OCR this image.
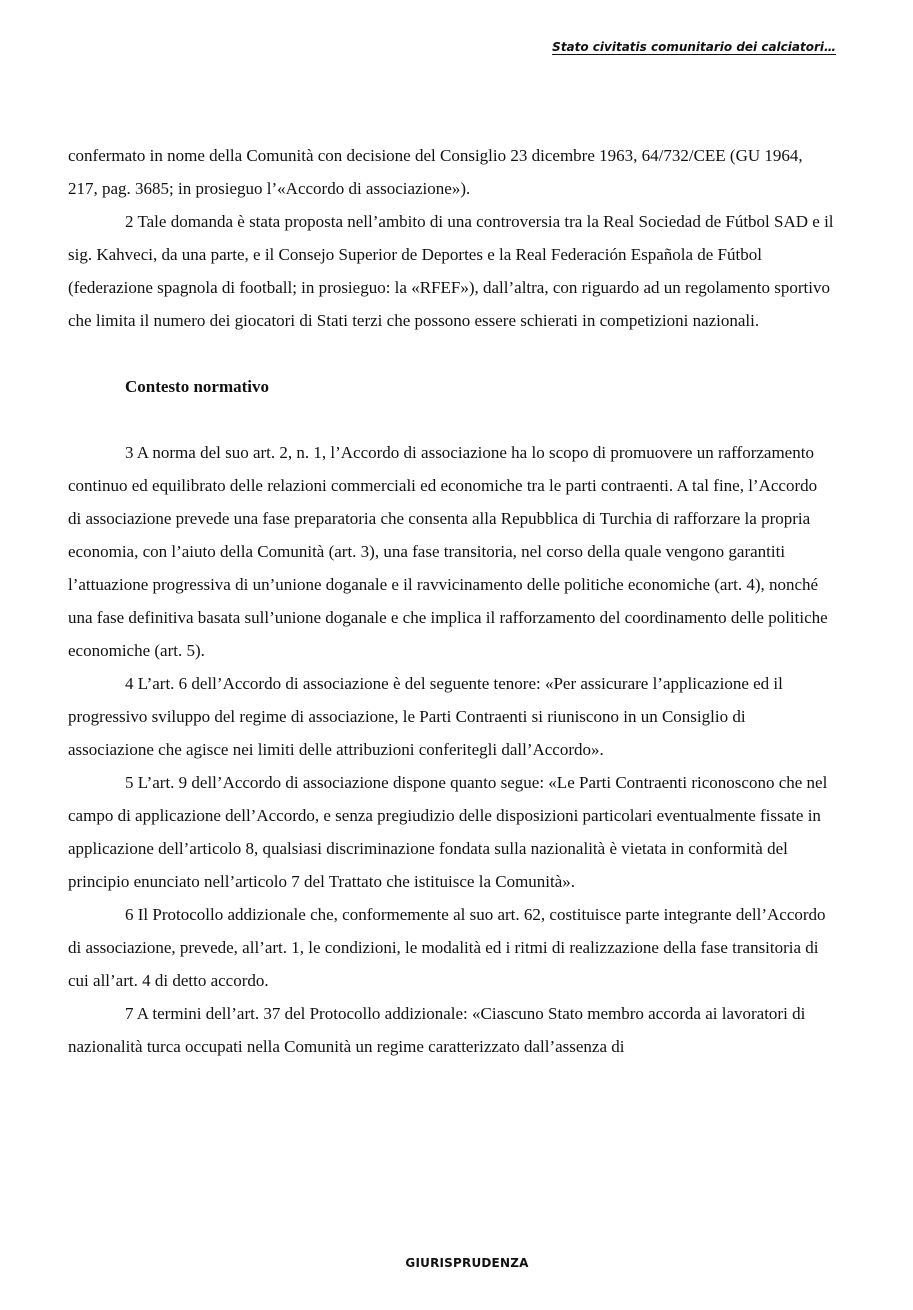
Stato civitatis comunitario dei calciatori…

confermato in nome della Comunità con decisione del Consiglio 23 dicembre 1963, 64/732/CEE (GU 1964, 217, pag. 3685; in prosieguo l’«Accordo di associazione»).

2 Tale domanda è stata proposta nell’ambito di una controversia tra la Real Sociedad de Fútbol SAD e il sig. Kahveci, da una parte, e il Consejo Superior de Deportes e la Real Federación Española de Fútbol (federazione spagnola di football; in prosieguo: la «RFEF»), dall’altra, con riguardo ad un regolamento sportivo che limita il numero dei giocatori di Stati terzi che possono essere schierati in competizioni nazionali.

Contesto normativo

3 A norma del suo art. 2, n. 1, l’Accordo di associazione ha lo scopo di promuovere un rafforzamento continuo ed equilibrato delle relazioni commerciali ed economiche tra le parti contraenti. A tal fine, l’Accordo di associazione prevede una fase preparatoria che consenta alla Repubblica di Turchia di rafforzare la propria economia, con l’aiuto della Comunità (art. 3), una fase transitoria, nel corso della quale vengono garantiti l’attuazione progressiva di un’unione doganale e il ravvicinamento delle politiche economiche (art. 4), nonché una fase definitiva basata sull’unione doganale e che implica il rafforzamento del coordinamento delle politiche economiche (art. 5).

4 L’art. 6 dell’Accordo di associazione è del seguente tenore: «Per assicurare l’applicazione ed il progressivo sviluppo del regime di associazione, le Parti Contraenti si riuniscono in un Consiglio di associazione che agisce nei limiti delle attribuzioni conferitegli dall’Accordo».

5 L’art. 9 dell’Accordo di associazione dispone quanto segue: «Le Parti Contraenti riconoscono che nel campo di applicazione dell’Accordo, e senza pregiudizio delle disposizioni particolari eventualmente fissate in applicazione dell’articolo 8, qualsiasi discriminazione fondata sulla nazionalità è vietata in conformità del principio enunciato nell’articolo 7 del Trattato che istituisce la Comunità».

6 Il Protocollo addizionale che, conformemente al suo art. 62, costituisce parte integrante dell’Accordo di associazione, prevede, all’art. 1, le condizioni, le modalità ed i ritmi di realizzazione della fase transitoria di cui all’art. 4 di detto accordo.

7 A termini dell’art. 37 del Protocollo addizionale: «Ciascuno Stato membro accorda ai lavoratori di nazionalità turca occupati nella Comunità un regime caratterizzato dall’assenza di

GIURISPRUDENZA
